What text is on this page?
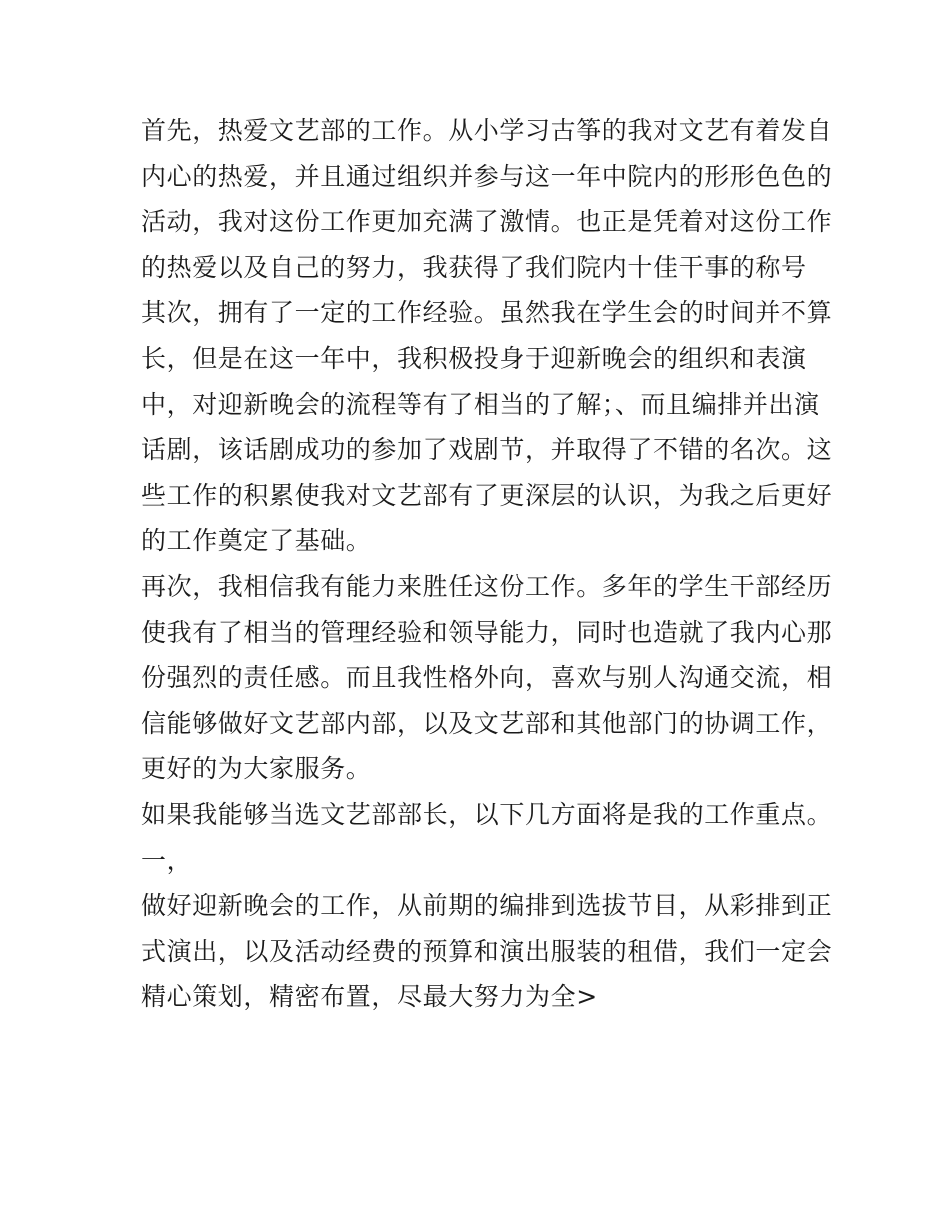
首先，热爱文艺部的工作。从小学习古筝的我对文艺有着发自
内心的热爱，并且通过组织并参与这一年中院内的形形色色的
活动，我对这份工作更加充满了激情。也正是凭着对这份工作
的热爱以及自己的努力，我获得了我们院内十佳干事的称号
其次，拥有了一定的工作经验。虽然我在学生会的时间并不算
长，但是在这一年中，我积极投身于迎新晚会的组织和表演
中，对迎新晚会的流程等有了相当的了解；、而且编排并出演
话剧，该话剧成功的参加了戏剧节，并取得了不错的名次。这
些工作的积累使我对文艺部有了更深层的认识，为我之后更好
的工作奠定了基础。
再次，我相信我有能力来胜任这份工作。多年的学生干部经历
使我有了相当的管理经验和领导能力，同时也造就了我内心那
份强烈的责任感。而且我性格外向，喜欢与别人沟通交流，相
信能够做好文艺部内部，以及文艺部和其他部门的协调工作，
更好的为大家服务。
如果我能够当选文艺部部长，以下几方面将是我的工作重点。
一，
做好迎新晚会的工作，从前期的编排到选拔节目，从彩排到正
式演出，以及活动经费的预算和演出服装的租借，我们一定会
精心策划，精密布置，尽最大努力为全>
